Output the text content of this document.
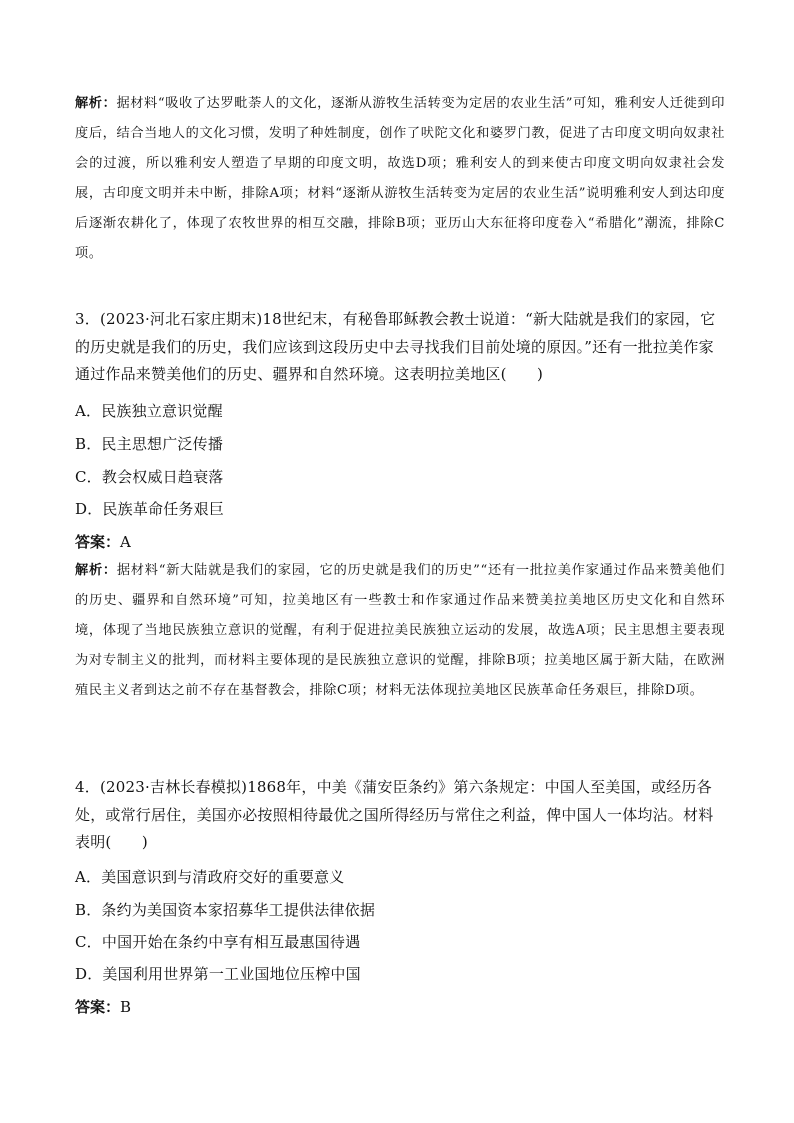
解析：据材料“吸收了达罗毗荼人的文化，逐渐从游牧生活转变为定居的农业生活”可知，雅利安人迁徙到印度后，结合当地人的文化习惯，发明了种姓制度，创作了吠陀文化和婆罗门教，促进了古印度文明向奴隶社会的过渡，所以雅利安人塑造了早期的印度文明，故选D项；雅利安人的到来使古印度文明向奴隶社会发展，古印度文明并未中断，排除A项；材料“逐渐从游牧生活转变为定居的农业生活”说明雅利安人到达印度后逐渐农耕化了，体现了农牧世界的相互交融，排除B项；亚历山大东征将印度卷入“希腊化”潮流，排除C项。
3．(2023·河北石家庄期末)18世纪末，有秘鲁耶稣教会教士说道：“新大陆就是我们的家园，它的历史就是我们的历史，我们应该到这段历史中去寻找我们目前处境的原因。”还有一批拉美作家通过作品来赞美他们的历史、疆界和自然环境。这表明拉美地区(　　)
A．民族独立意识觉醒
B．民主思想广泛传播
C．教会权威日趋衰落
D．民族革命任务艰巨
答案：A
解析：据材料“新大陆就是我们的家园，它的历史就是我们的历史”“还有一批拉美作家通过作品来赞美他们的历史、疆界和自然环境”可知，拉美地区有一些教士和作家通过作品来赞美拉美地区历史文化和自然环境，体现了当地民族独立意识的觉醒，有利于促进拉美民族独立运动的发展，故选A项；民主思想主要表现为对专制主义的批判，而材料主要体现的是民族独立意识的觉醒，排除B项；拉美地区属于新大陆，在欧洲殖民主义者到达之前不存在基督教会，排除C项；材料无法体现拉美地区民族革命任务艰巨，排除D项。
4．(2023·吉林长春模拟)1868年，中美《蒲安臣条约》第六条规定：中国人至美国，或经历各处，或常行居住，美国亦必按照相待最优之国所得经历与常住之利益，俾中国人一体均沾。材料表明(　　)
A．美国意识到与清政府交好的重要意义
B．条约为美国资本家招募华工提供法律依据
C．中国开始在条约中享有相互最惠国待遇
D．美国利用世界第一工业国地位压榨中国
答案：B
